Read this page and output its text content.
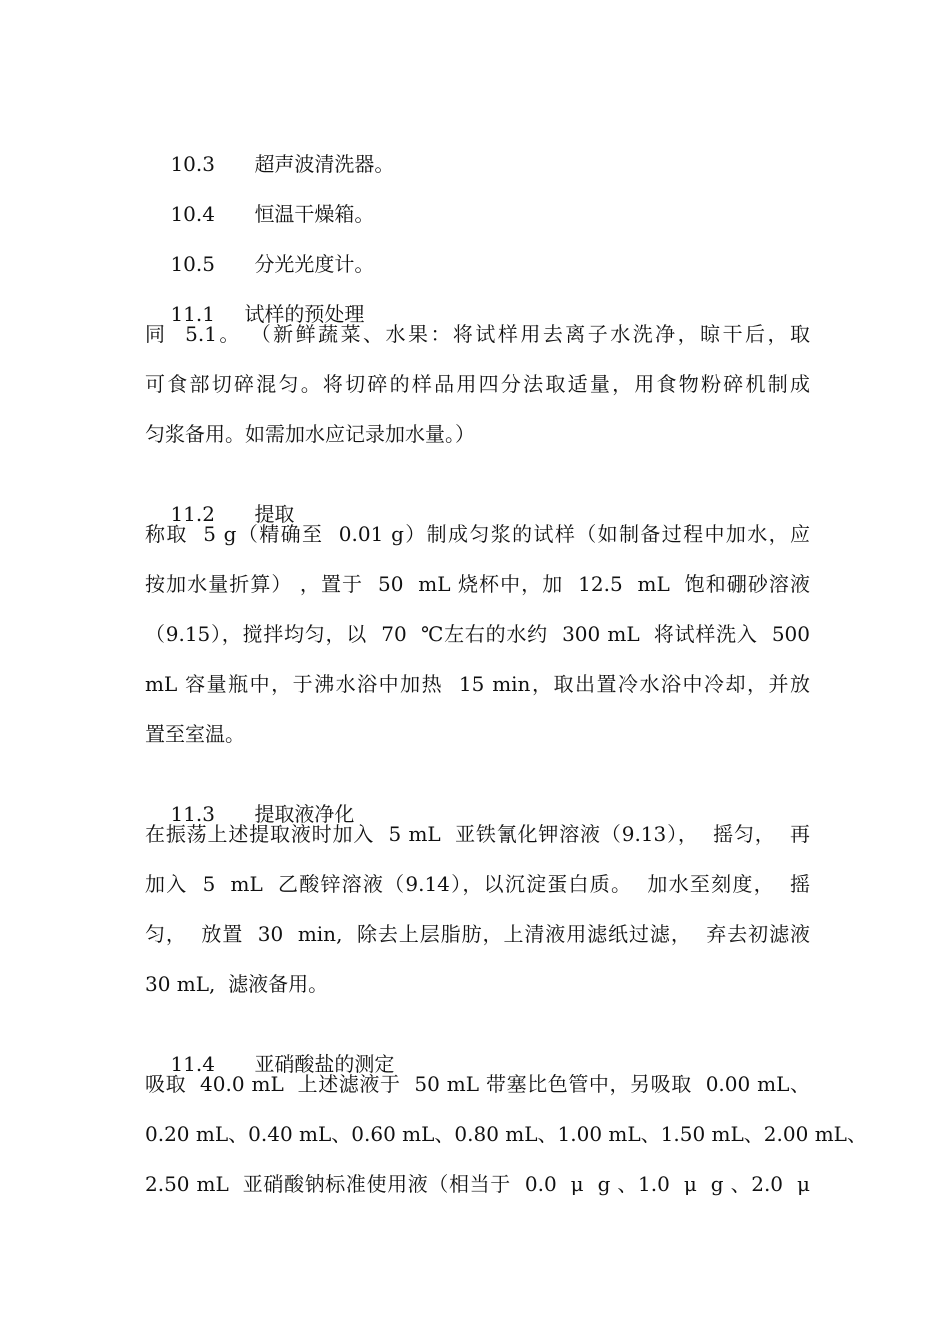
10.3 超声波清洗器。

10.4 恒温干燥箱。

10.5 分光光度计。

11.1 试样的预处理

同  5.1。 （新鲜蔬菜、水果：将试样用去离子水洗净，晾干后，取
可食部切碎混匀。将切碎的样品用四分法取适量，用食物粉碎机制成
匀浆备用。如需加水应记录加水量。）

11.2 提取

称取  5 g（精确至  0.01 g）制成匀浆的试样（如制备过程中加水，应
按加水量折算） ，置于  50  mL 烧杯中，加  12.5  mL  饱和硼砂溶液
（9.15），搅拌均匀，以  70  ℃左右的水约  300 mL  将试样洗入  500
mL 容量瓶中，于沸水浴中加热  15 min，取出置冷水浴中冷却，并放
置至室温。

11.3 提取液净化

在振荡上述提取液时加入  5 mL  亚铁氰化钾溶液（9.13），  摇匀，  再
加入  5  mL  乙酸锌溶液（9.14），以沉淀蛋白质。  加水至刻度，  摇
匀，  放置  30  min,  除去上层脂肪，上清液用滤纸过滤，  弃去初滤液
30 mL,  滤液备用。

11.4 亚硝酸盐的测定

吸取  40.0 mL  上述滤液于  50 mL 带塞比色管中，另吸取  0.00 mL、
0.20 mL、0.40 mL、0.60 mL、0.80 mL、1.00 mL、1.50 mL、2.00 mL、
2.50 mL  亚硝酸钠标准使用液（相当于  0.0  μ  g 、1.0  μ  g 、2.0  μ
